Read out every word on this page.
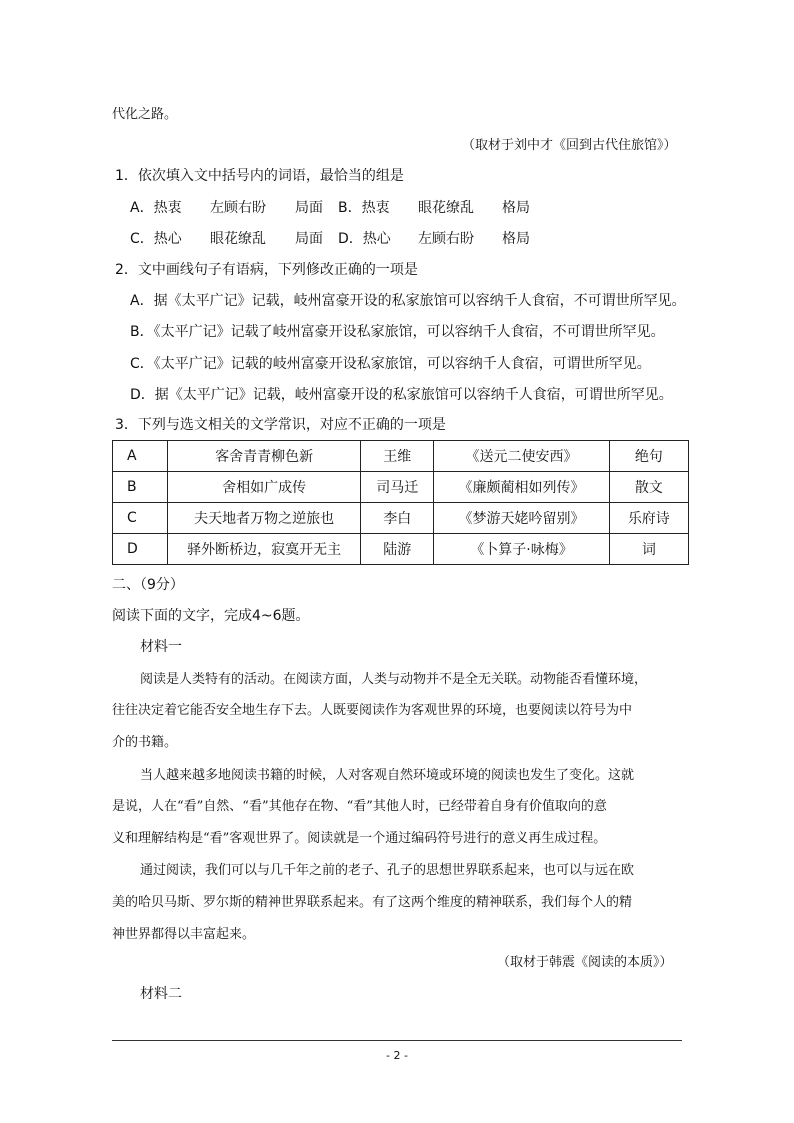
代化之路。
（取材于刘中才《回到古代住旅馆》）
1．依次填入文中括号内的词语，最恰当的组是
A．热衷 左顾右盼 局面 B．热衷 眼花缭乱 格局
C．热心 眼花缭乱 局面 D．热心 左顾右盼 格局
2．文中画线句子有语病，下列修改正确的一项是
A．据《太平广记》记载，岐州富豪开设的私家旅馆可以容纳千人食宿，不可谓世所罕见。
B．《太平广记》记载了岐州富豪开设私家旅馆，可以容纳千人食宿，不可谓世所罕见。
C．《太平广记》记载的岐州富豪开设私家旅馆，可以容纳千人食宿，可谓世所罕见。
D．据《太平广记》记载，岐州富豪开设的私家旅馆可以容纳千人食宿，可谓世所罕见。
3．下列与选文相关的文学常识，对应不正确的一项是
A	客舍青青柳色新	王维	《送元二使安西》	绝句
B	舍相如广成传	司马迁	《廉颇蔺相如列传》	散文
C	夫天地者万物之逆旅也	李白	《梦游天姥吟留别》	乐府诗
D	驿外断桥边，寂寞开无主	陆游	《卜算子·咏梅》	词
二、（9分）
阅读下面的文字，完成4~6题。
材料一
阅读是人类特有的活动。在阅读方面，人类与动物并不是全无关联。动物能否看懂环境，
往往决定着它能否安全地生存下去。人既要阅读作为客观世界的环境，也要阅读以符号为中
介的书籍。
当人越来越多地阅读书籍的时候，人对客观自然环境或环境的阅读也发生了变化。这就
是说，人在“看”自然、“看”其他存在物、“看”其他人时，已经带着自身有价值取向的意
义和理解结构是“看”客观世界了。阅读就是一个通过编码符号进行的意义再生成过程。
通过阅读，我们可以与几千年之前的老子、孔子的思想世界联系起来，也可以与远在欧
美的哈贝马斯、罗尔斯的精神世界联系起来。有了这两个维度的精神联系，我们每个人的精
神世界都得以丰富起来。
（取材于韩震《阅读的本质》）
材料二
- 2 -
